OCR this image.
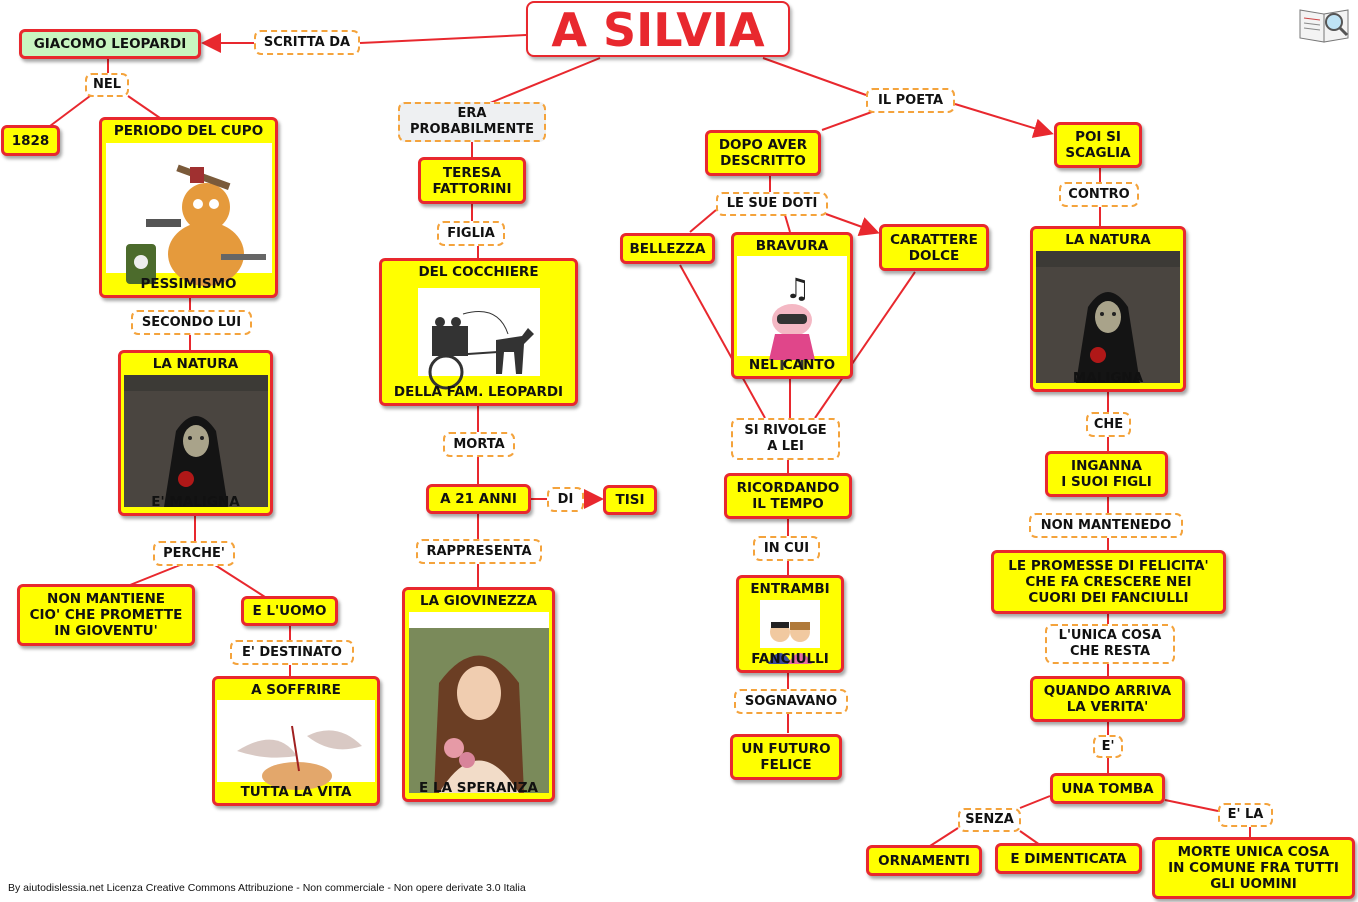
A SILVIA
GIACOMO LEOPARDI	SCRITTA DA
NEL
1828
PERIODO DEL CUPO

PESSIMISMO
SECONDO LUI
LA NATURA

E' MALIGNA
PERCHE'
NON MANTIENE
CIO' CHE PROMETTE
IN GIOVENTU'
E L'UOMO
E' DESTINATO
A SOFFRIRE

TUTTA LA VITA
ERA
PROBABILMENTE
TERESA
FATTORINI
FIGLIA
DEL COCCHIERE

DELLA FAM. LEOPARDI
MORTA
A 21 ANNI	DI	TISI
RAPPRESENTA
LA GIOVINEZZA

E LA SPERANZA
IL POETA
DOPO AVER
DESCRITTO
LE SUE DOTI
BELLEZZA	BRAVURA

♫

NEL CANTO
CARATTERE
DOLCE
SI RIVOLGE
A LEI
RICORDANDO
IL TEMPO
IN CUI
ENTRAMBI

FANCIULLI
SOGNAVANO
UN FUTURO
FELICE
POI SI
SCAGLIA
CONTRO
LA NATURA

MALIGNA
CHE
INGANNA
I SUOI FIGLI
NON MANTENEDO
LE PROMESSE DI FELICITA'
CHE FA CRESCERE NEI
CUORI DEI FANCIULLI
L'UNICA COSA
CHE RESTA
QUANDO ARRIVA
LA VERITA'
E'
UNA TOMBA
SENZA
ORNAMENTI	E DIMENTICATA
E' LA
MORTE UNICA COSA
IN COMUNE FRA TUTTI
GLI UOMINI
By aiutodislessia.net Licenza Creative Commons Attribuzione - Non commerciale - Non opere derivate 3.0 Italia
